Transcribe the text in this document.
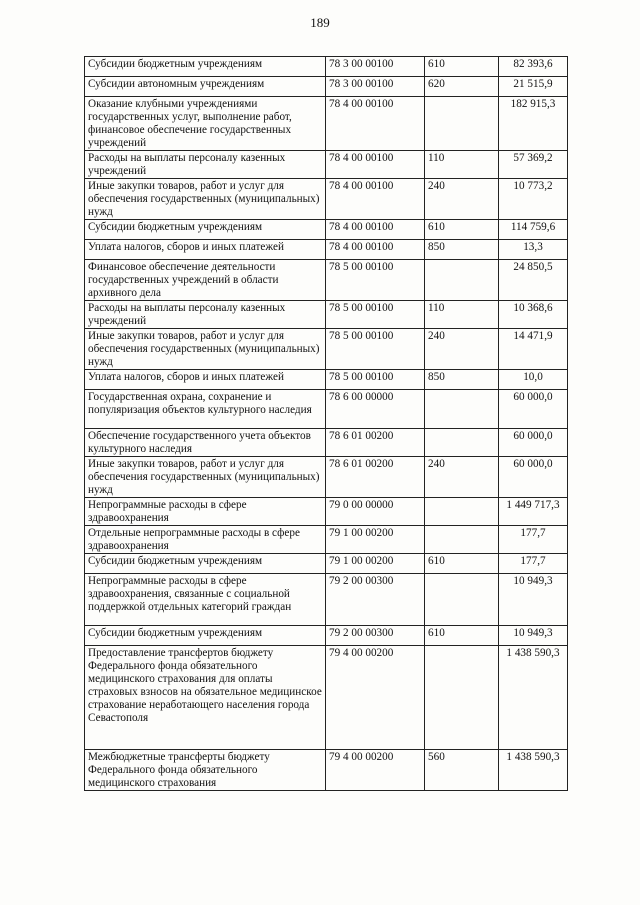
189
Субсидии бюджетным учреждениям	78 3 00 00100	610	82 393,6
Субсидии автономным учреждениям	78 3 00 00100	620	21 515,9
Оказание клубными учреждениями государственных услуг, выполнение работ, финансовое обеспечение государственных учреждений	78 4 00 00100		182 915,3
Расходы на выплаты персоналу казенных учреждений	78 4 00 00100	110	57 369,2
Иные закупки товаров, работ и услуг для обеспечения государственных (муниципальных) нужд	78 4 00 00100	240	10 773,2
Субсидии бюджетным учреждениям	78 4 00 00100	610	114 759,6
Уплата налогов, сборов и иных платежей	78 4 00 00100	850	13,3
Финансовое обеспечение деятельности государственных учреждений в области архивного дела	78 5 00 00100		24 850,5
Расходы на выплаты персоналу казенных учреждений	78 5 00 00100	110	10 368,6
Иные закупки товаров, работ и услуг для обеспечения государственных (муниципальных) нужд	78 5 00 00100	240	14 471,9
Уплата налогов, сборов и иных платежей	78 5 00 00100	850	10,0
Государственная охрана, сохранение и популяризация объектов культурного наследия	78 6 00 00000		60 000,0
Обеспечение государственного учета объектов культурного наследия	78 6 01 00200		60 000,0
Иные закупки товаров, работ и услуг для обеспечения государственных (муниципальных) нужд	78 6 01 00200	240	60 000,0
Непрограммные расходы в сфере здравоохранения	79 0 00 00000		1 449 717,3
Отдельные непрограммные расходы в сфере здравоохранения	79 1 00 00200		177,7
Субсидии бюджетным учреждениям	79 1 00 00200	610	177,7
Непрограммные расходы в сфере здравоохранения, связанные с социальной поддержкой отдельных категорий граждан	79 2 00 00300		10 949,3
Субсидии бюджетным учреждениям	79 2 00 00300	610	10 949,3
Предоставление трансфертов бюджету Федерального фонда обязательного медицинского страхования для оплаты страховых взносов на обязательное медицинское страхование неработающего населения города Севастополя	79 4 00 00200		1 438 590,3
Межбюджетные трансферты бюджету Федерального фонда обязательного медицинского страхования	79 4 00 00200	560	1 438 590,3
